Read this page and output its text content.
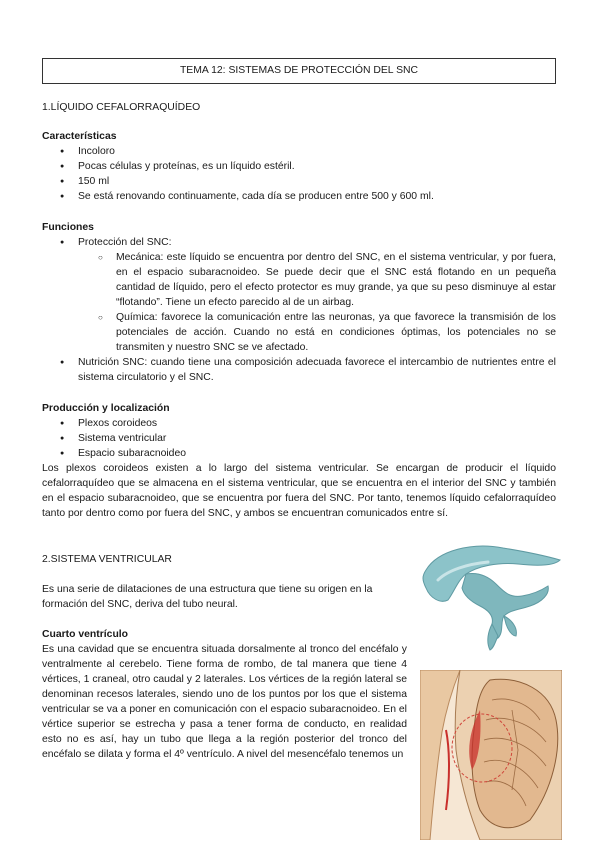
TEMA 12: SISTEMAS DE PROTECCIÓN DEL SNC
1.LÍQUIDO CEFALORRAQUÍDEO
Características
● Incoloro
● Pocas células y proteínas, es un líquido estéril.
● 150 ml
● Se está renovando continuamente, cada día se producen entre 500 y 600 ml.
Funciones
● Protección del SNC:
○ Mecánica: este líquido se encuentra por dentro del SNC, en el sistema ventricular, y por fuera, en el espacio subaracnoideo. Se puede decir que el SNC está flotando en un pequeña cantidad de líquido, pero el efecto protector es muy grande, ya que su peso disminuye al estar “flotando”. Tiene un efecto parecido al de un airbag.
○ Química: favorece la comunicación entre las neuronas, ya que favorece la transmisión de los potenciales de acción. Cuando no está en condiciones óptimas, los potenciales no se transmiten y nuestro SNC se ve afectado.
● Nutrición SNC: cuando tiene una composición adecuada favorece el intercambio de nutrientes entre el sistema circulatorio y el SNC.
Producción y localización
● Plexos coroideos
● Sistema ventricular
● Espacio subaracnoideo
Los plexos coroideos existen a lo largo del sistema ventricular. Se encargan de producir el líquido cefalorraquídeo que se almacena en el sistema ventricular, que se encuentra en el interior del SNC y también en el espacio subaracnoideo, que se encuentra por fuera del SNC. Por tanto, tenemos líquido cefalorraquídeo tanto por dentro como por fuera del SNC, y ambos se encuentran comunicados entre sí.
2.SISTEMA VENTRICULAR
Es una serie de dilataciones de una estructura que tiene su origen en la formación del SNC, deriva del tubo neural.
Cuarto ventrículo
Es una cavidad que se encuentra situada dorsalmente al tronco del encéfalo y ventralmente al cerebelo. Tiene forma de rombo, de tal manera que tiene 4 vértices, 1 craneal, otro caudal y 2 laterales. Los vértices de la región lateral se denominan recesos laterales, siendo uno de los puntos por los que el sistema ventricular se va a poner en comunicación con el espacio subaracnoideo. En el vértice superior se estrecha y pasa a tener forma de conducto, en realidad esto no es así, hay un tubo que llega a la región posterior del tronco del encéfalo se dilata y forma el 4º ventrículo. A nivel del mesencéfalo tenemos un
